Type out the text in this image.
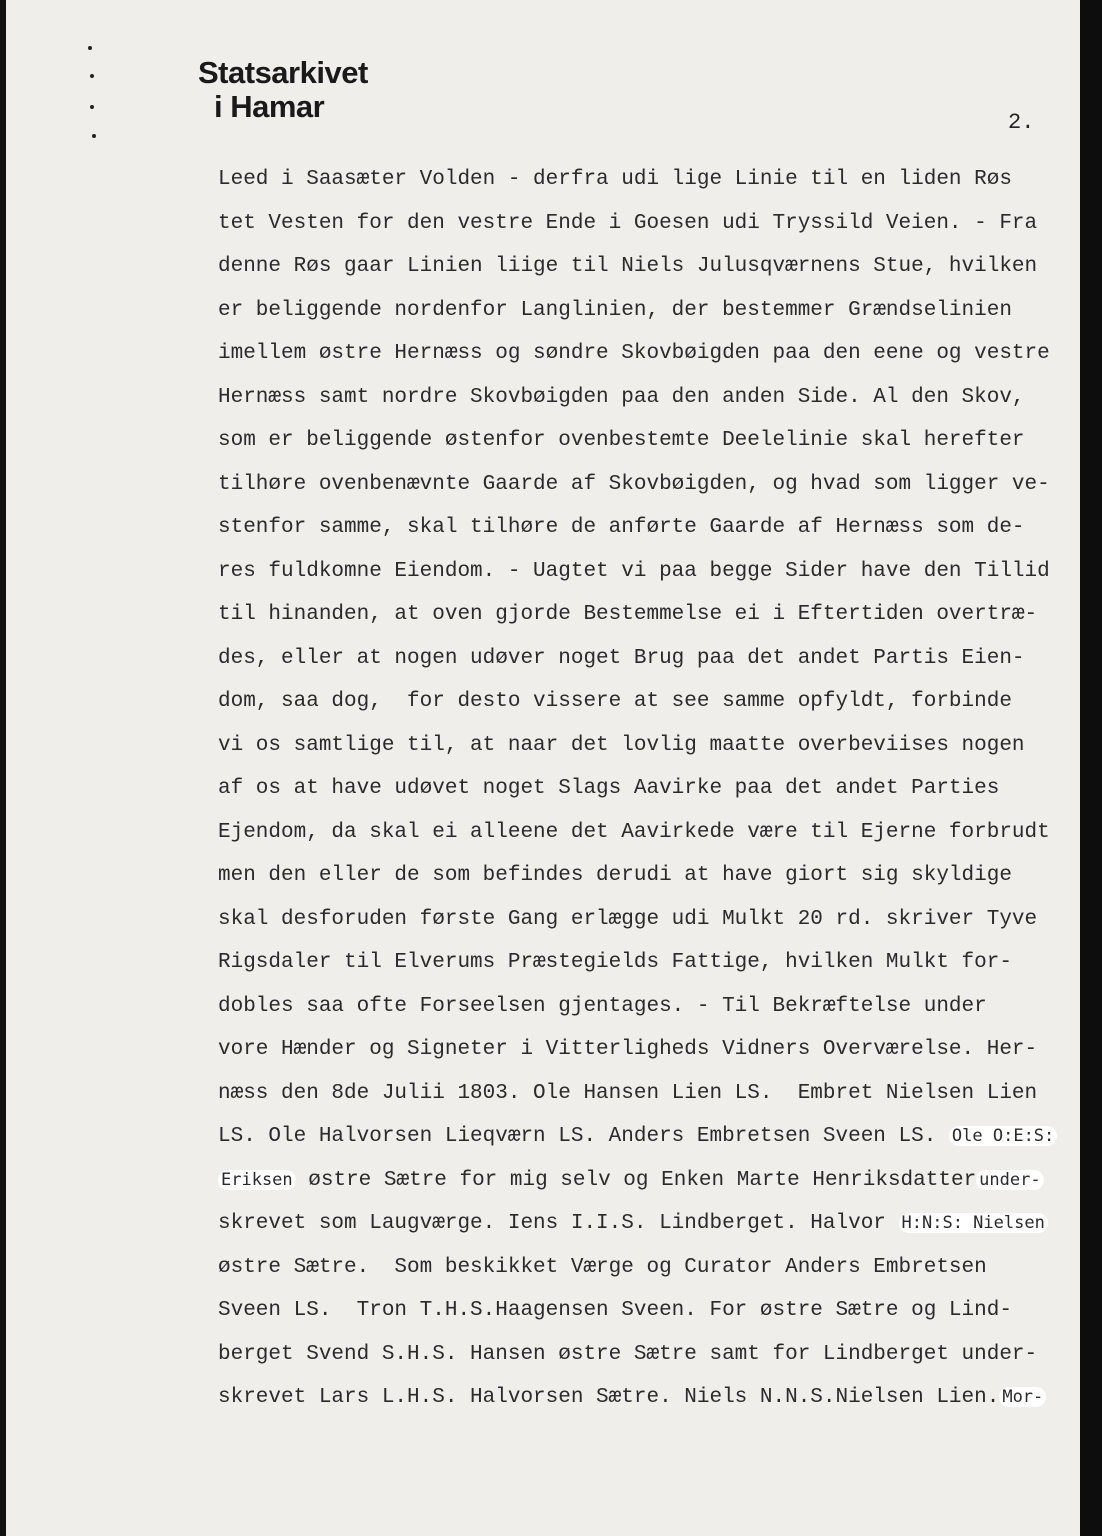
Statsarkivet
i Hamar	2.
Leed i Saasæter Volden - derfra udi lige Linie til en liden Røs
tet Vesten for den vestre Ende i Goesen udi Tryssild Veien. - Fra
denne Røs gaar Linien liige til Niels Julusqværnens Stue, hvilken
er beliggende nordenfor Langlinien, der bestemmer Grændselinien
imellem østre Hernæss og søndre Skovbøigden paa den eene og vestre
Hernæss samt nordre Skovbøigden paa den anden Side. Al den Skov,
som er beliggende østenfor ovenbestemte Deelelinie skal herefter
tilhøre ovenbenævnte Gaarde af Skovbøigden, og hvad som ligger ve-
stenfor samme, skal tilhøre de anførte Gaarde af Hernæss som de-
res fuldkomne Eiendom. - Uagtet vi paa begge Sider have den Tillid
til hinanden, at oven gjorde Bestemmelse ei i Eftertiden overtræ-
des, eller at nogen udøver noget Brug paa det andet Partis Eien-
dom, saa dog,  for desto vissere at see samme opfyldt, forbinde
vi os samtlige til, at naar det lovlig maatte overbeviises nogen
af os at have udøvet noget Slags Aavirke paa det andet Parties
Ejendom, da skal ei alleene det Aavirkede være til Ejerne forbrudt
men den eller de som befindes derudi at have giort sig skyldige
skal desforuden første Gang erlægge udi Mulkt 20 rd. skriver Tyve
Rigsdaler til Elverums Præstegields Fattige, hvilken Mulkt for-
dobles saa ofte Forseelsen gjentages. - Til Bekræftelse under
vore Hænder og Signeter i Vitterligheds Vidners Overværelse. Her-
næss den 8de Julii 1803. Ole Hansen Lien LS.  Embret Nielsen Lien
LS. Ole Halvorsen Lieqværn LS. Anders Embretsen Sveen LS. Ole O:E:S:
Eriksen østre Sætre for mig selv og Enken Marte Henriksdatter under-
skrevet som Laugværge. Iens I.I.S. Lindberget. Halvor H:N:S: Nielsen
østre Sætre.  Som beskikket Værge og Curator Anders Embretsen
Sveen LS.  Tron T.H.S.Haagensen Sveen. For østre Sætre og Lind-
berget Svend S.H.S. Hansen østre Sætre samt for Lindberget under-
skrevet Lars L.H.S. Halvorsen Sætre. Niels N.N.S.Nielsen Lien. Mor-
